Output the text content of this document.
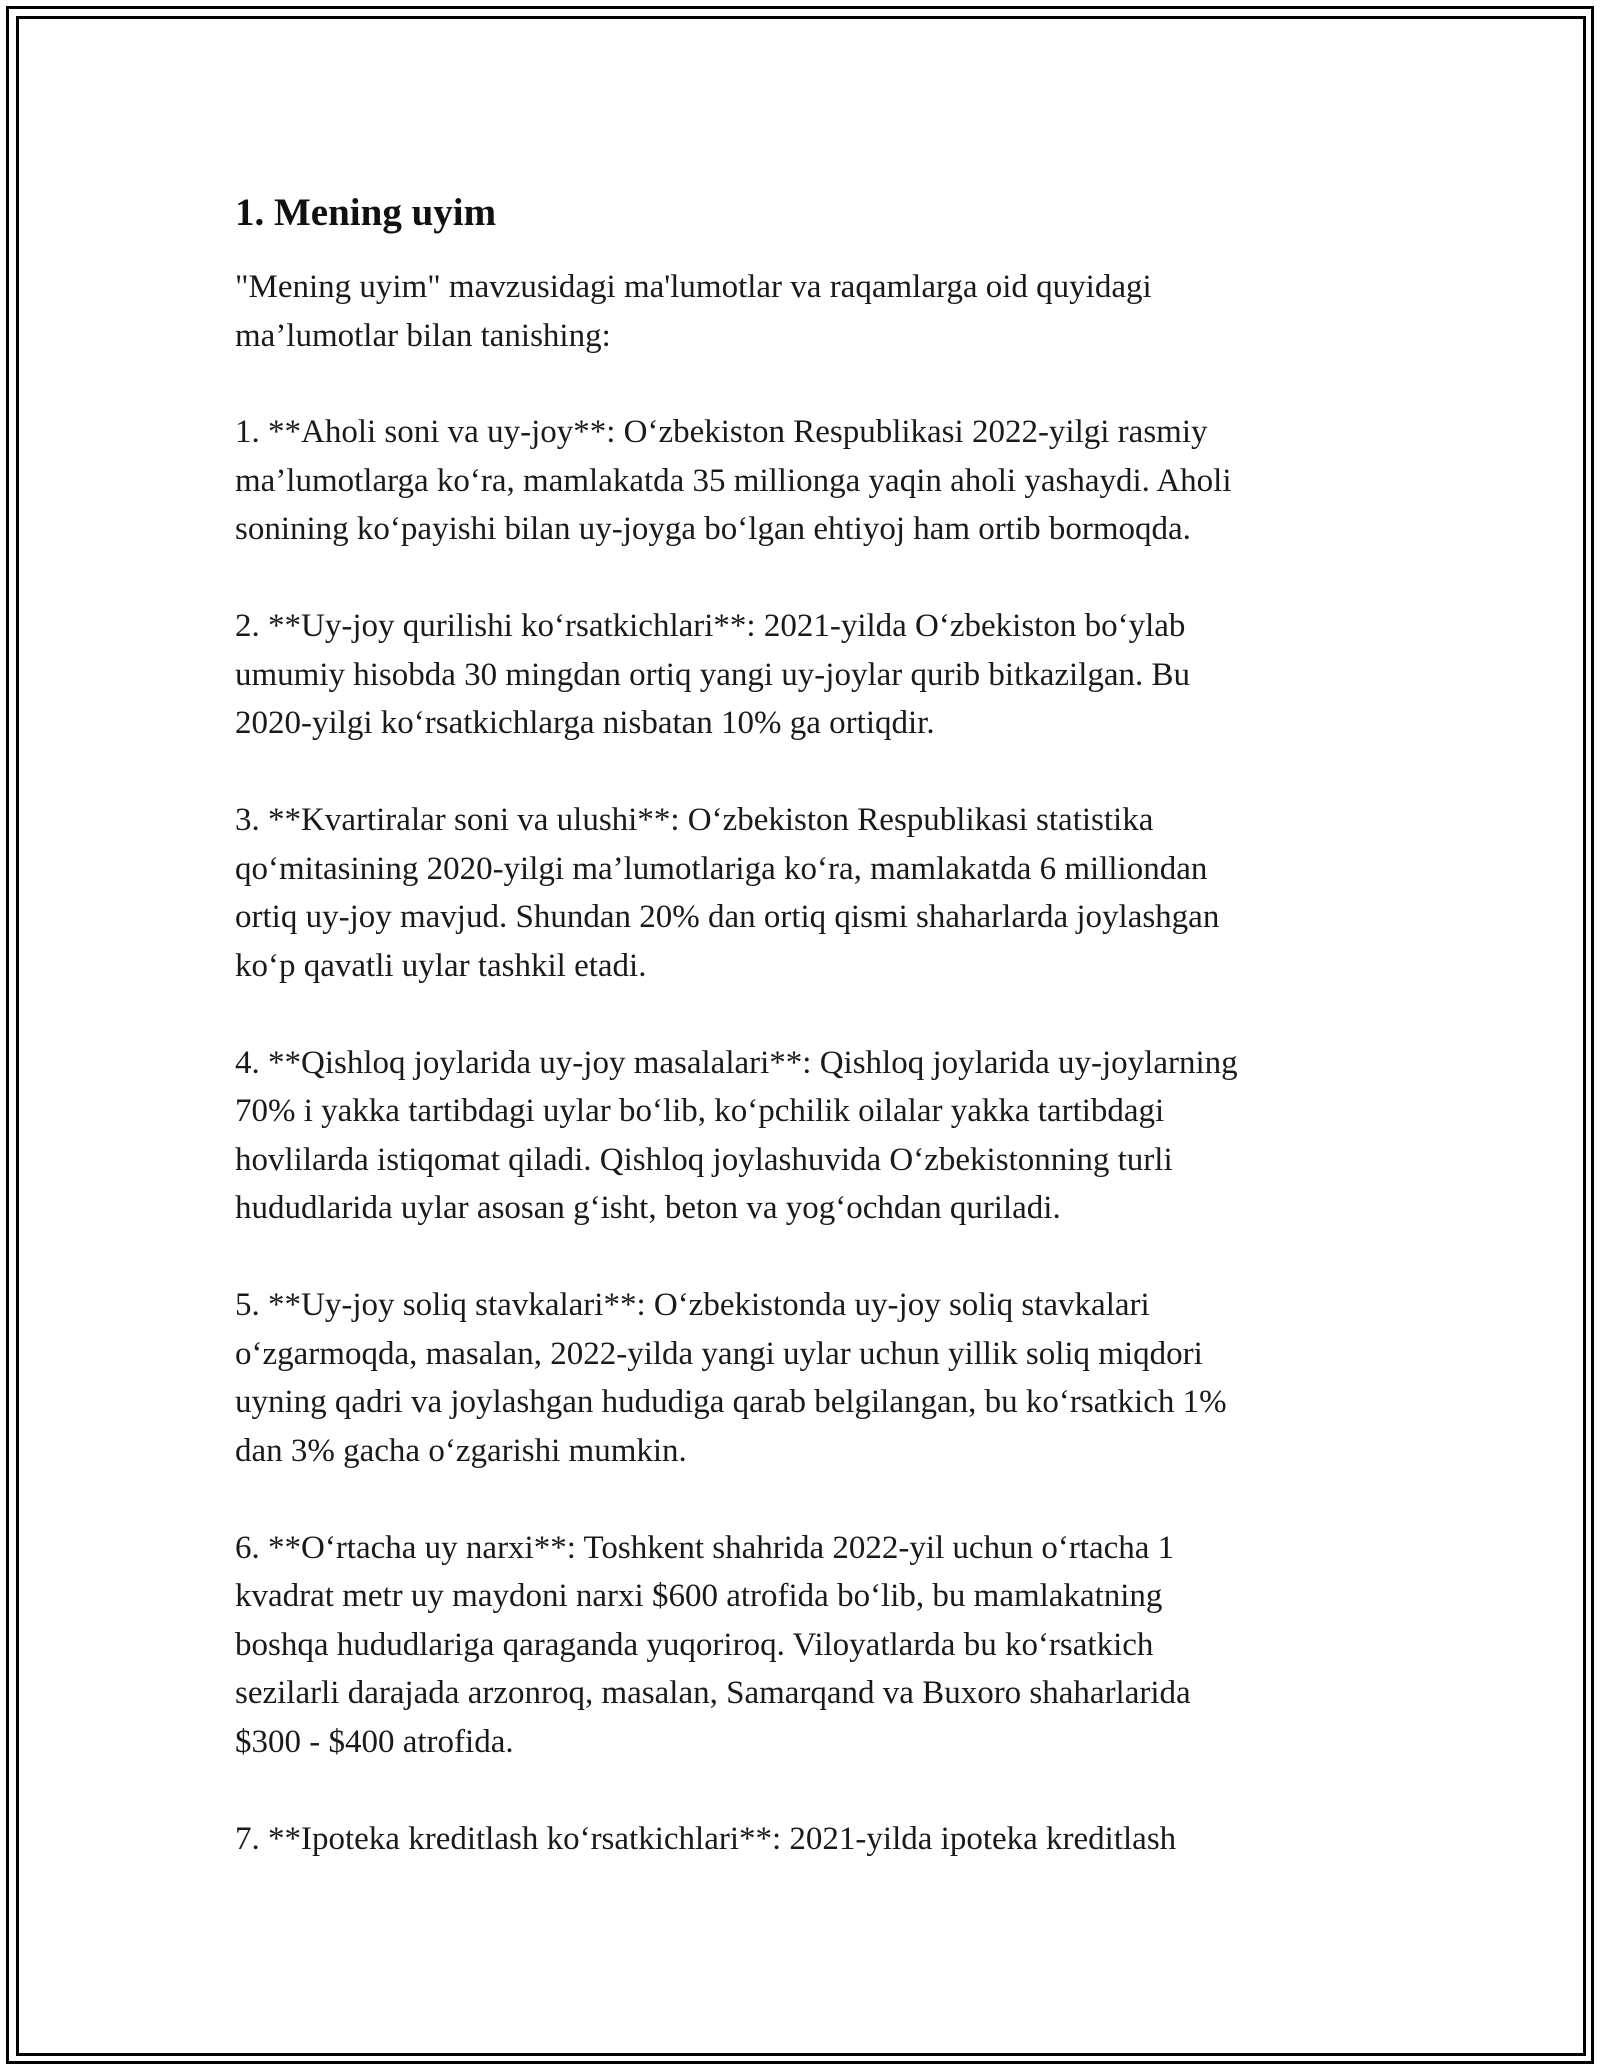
1. Mening uyim

"Mening uyim" mavzusidagi ma'lumotlar va raqamlarga oid quyidagi
ma’lumotlar bilan tanishing:

1. **Aholi soni va uy-joy**: O‘zbekiston Respublikasi 2022-yilgi rasmiy
ma’lumotlarga ko‘ra, mamlakatda 35 millionga yaqin aholi yashaydi. Aholi
sonining ko‘payishi bilan uy-joyga bo‘lgan ehtiyoj ham ortib bormoqda.

2. **Uy-joy qurilishi ko‘rsatkichlari**: 2021-yilda O‘zbekiston bo‘ylab
umumiy hisobda 30 mingdan ortiq yangi uy-joylar qurib bitkazilgan. Bu
2020-yilgi ko‘rsatkichlarga nisbatan 10% ga ortiqdir.

3. **Kvartiralar soni va ulushi**: O‘zbekiston Respublikasi statistika
qo‘mitasining 2020-yilgi ma’lumotlariga ko‘ra, mamlakatda 6 milliondan
ortiq uy-joy mavjud. Shundan 20% dan ortiq qismi shaharlarda joylashgan
ko‘p qavatli uylar tashkil etadi.

4. **Qishloq joylarida uy-joy masalalari**: Qishloq joylarida uy-joylarning
70% i yakka tartibdagi uylar bo‘lib, ko‘pchilik oilalar yakka tartibdagi
hovlilarda istiqomat qiladi. Qishloq joylashuvida O‘zbekistonning turli
hududlarida uylar asosan g‘isht, beton va yog‘ochdan quriladi.

5. **Uy-joy soliq stavkalari**: O‘zbekistonda uy-joy soliq stavkalari
o‘zgarmoqda, masalan, 2022-yilda yangi uylar uchun yillik soliq miqdori
uyning qadri va joylashgan hududiga qarab belgilangan, bu ko‘rsatkich 1%
dan 3% gacha o‘zgarishi mumkin.

6. **O‘rtacha uy narxi**: Toshkent shahrida 2022-yil uchun o‘rtacha 1
kvadrat metr uy maydoni narxi $600 atrofida bo‘lib, bu mamlakatning
boshqa hududlariga qaraganda yuqoriroq. Viloyatlarda bu ko‘rsatkich
sezilarli darajada arzonroq, masalan, Samarqand va Buxoro shaharlarida
$300 - $400 atrofida.

7. **Ipoteka kreditlash ko‘rsatkichlari**: 2021-yilda ipoteka kreditlash
